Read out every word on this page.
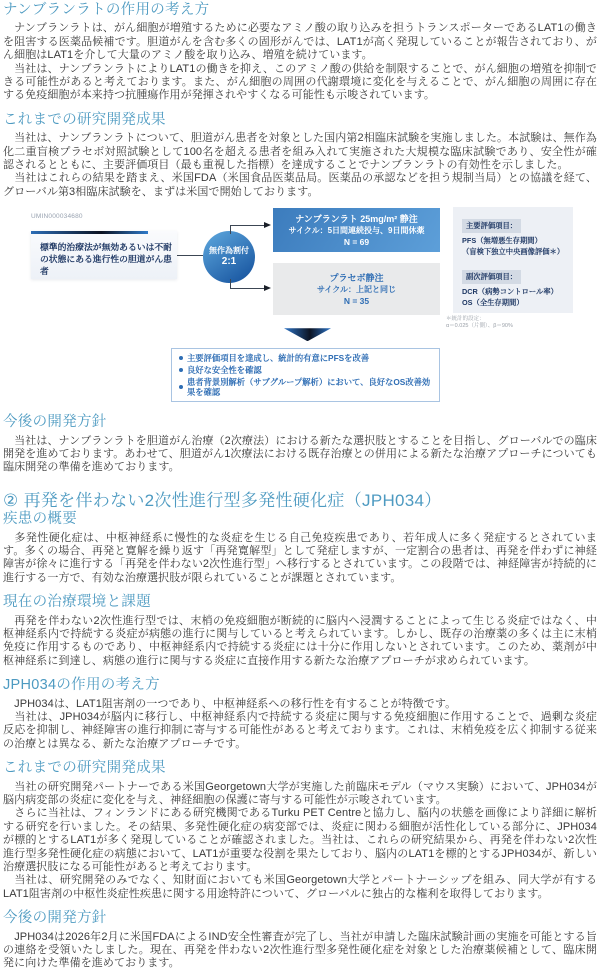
ナンブランラトの作用の考え方

　ナンブランラトは、がん細胞が増殖するために必要なアミノ酸の取り込みを担うトランスポーターであるLAT1の働きを阻害する医薬品候補です。胆道がんを含む多くの固形がんでは、LAT1が高く発現していることが報告されており、がん細胞はLAT1を介して大量のアミノ酸を取り込み、増殖を続けています。

　当社は、ナンブランラトによりLAT1の働きを抑え、このアミノ酸の供給を制限することで、がん細胞の増殖を抑制できる可能性があると考えております。また、がん細胞の周囲の代謝環境に変化を与えることで、がん細胞の周囲に存在する免疫細胞が本来持つ抗腫瘍作用が発揮されやすくなる可能性も示唆されています。

これまでの研究開発成果

　当社は、ナンブランラトについて、胆道がん患者を対象とした国内第2相臨床試験を実施しました。本試験は、無作為化二重盲検プラセボ対照試験として100名を超える患者を組み入れて実施された大規模な臨床試験であり、安全性が確認されるとともに、主要評価項目（最も重視した指標）を達成することでナンブランラトの有効性を示しました。

　当社はこれらの結果を踏まえ、米国FDA（米国食品医薬品局。医薬品の承認などを担う規制当局）との協議を経て、グローバル第3相臨床試験を、まずは米国で開始しております。

UMIN000034680
標準的治療法が無効あるいは不耐の状態にある進行性の胆道がん患者
無作為割付
2:1
ナンブランラト 25mg/m² 静注
サイクル：5日間連続投与、9日間休薬
N = 69
プラセボ静注
サイクル：上記と同じ
N = 35
主要評価項目：
PFS（無増悪生存期間）
（盲検下独立中央画像評価＊）
副次評価項目：
DCR（病勢コントロール率）
OS（全生存期間）
＊統計的設定：
α＝0.025（片側）、β＝90%
主要評価項目を達成し、統計的有意にPFSを改善
良好な安全性を確認
患者背景別解析（サブグループ解析）において、良好なOS改善効果を確認
今後の開発方針

　当社は、ナンブランラトを胆道がん治療（2次療法）における新たな選択肢とすることを目指し、グローバルでの臨床開発を進めております。あわせて、胆道がん1次療法における既存治療との併用による新たな治療アプローチについても臨床開発の準備を進めております。

② 再発を伴わない2次性進行型多発性硬化症（JPH034）
疾患の概要

　多発性硬化症は、中枢神経系に慢性的な炎症を生じる自己免疫疾患であり、若年成人に多く発症するとされています。多くの場合、再発と寛解を繰り返す「再発寛解型」として発症しますが、一定割合の患者は、再発を伴わずに神経障害が徐々に進行する「再発を伴わない2次性進行型」へ移行するとされています。この段階では、神経障害が持続的に進行する一方で、有効な治療選択肢が限られていることが課題とされています。

現在の治療環境と課題

　再発を伴わない2次性進行型では、末梢の免疫細胞が断続的に脳内へ浸潤することによって生じる炎症ではなく、中枢神経系内で持続する炎症が病態の進行に関与していると考えられています。しかし、既存の治療薬の多くは主に末梢免疫に作用するものであり、中枢神経系内で持続する炎症には十分に作用しないとされています。このため、薬剤が中枢神経系に到達し、病態の進行に関与する炎症に直接作用する新たな治療アプローチが求められています。

JPH034の作用の考え方

　JPH034は、LAT1阻害剤の一つであり、中枢神経系への移行性を有することが特徴です。

　当社は、JPH034が脳内に移行し、中枢神経系内で持続する炎症に関与する免疫細胞に作用することで、過剰な炎症反応を抑制し、神経障害の進行抑制に寄与する可能性があると考えております。これは、末梢免疫を広く抑制する従来の治療とは異なる、新たな治療アプローチです。

これまでの研究開発成果

　当社の研究開発パートナーである米国Georgetown大学が実施した前臨床モデル（マウス実験）において、JPH034が脳内病変部の炎症に変化を与え、神経細胞の保護に寄与する可能性が示唆されています。

　さらに当社は、フィンランドにある研究機関であるTurku PET Centreと協力し、脳内の状態を画像により詳細に解析する研究を行いました。その結果、多発性硬化症の病変部では、炎症に関わる細胞が活性化している部分に、JPH034が標的とするLAT1が多く発現していることが確認されました。当社は、これらの研究結果から、再発を伴わない2次性進行型多発性硬化症の病態において、LAT1が重要な役割を果たしており、脳内のLAT1を標的とするJPH034が、新しい治療選択肢になる可能性があると考えております。

　当社は、研究開発のみでなく、知財面においても米国Georgetown大学とパートナーシップを組み、同大学が有するLAT1阻害剤の中枢性炎症性疾患に関する用途特許について、グローバルに独占的な権利を取得しております。

今後の開発方針

　JPH034は2026年2月に米国FDAによるIND安全性審査が完了し、当社が申請した臨床試験計画の実施を可能とする旨の連絡を受領いたしました。現在、再発を伴わない2次性進行型多発性硬化症を対象とした治療薬候補として、臨床開発に向けた準備を進めております。
